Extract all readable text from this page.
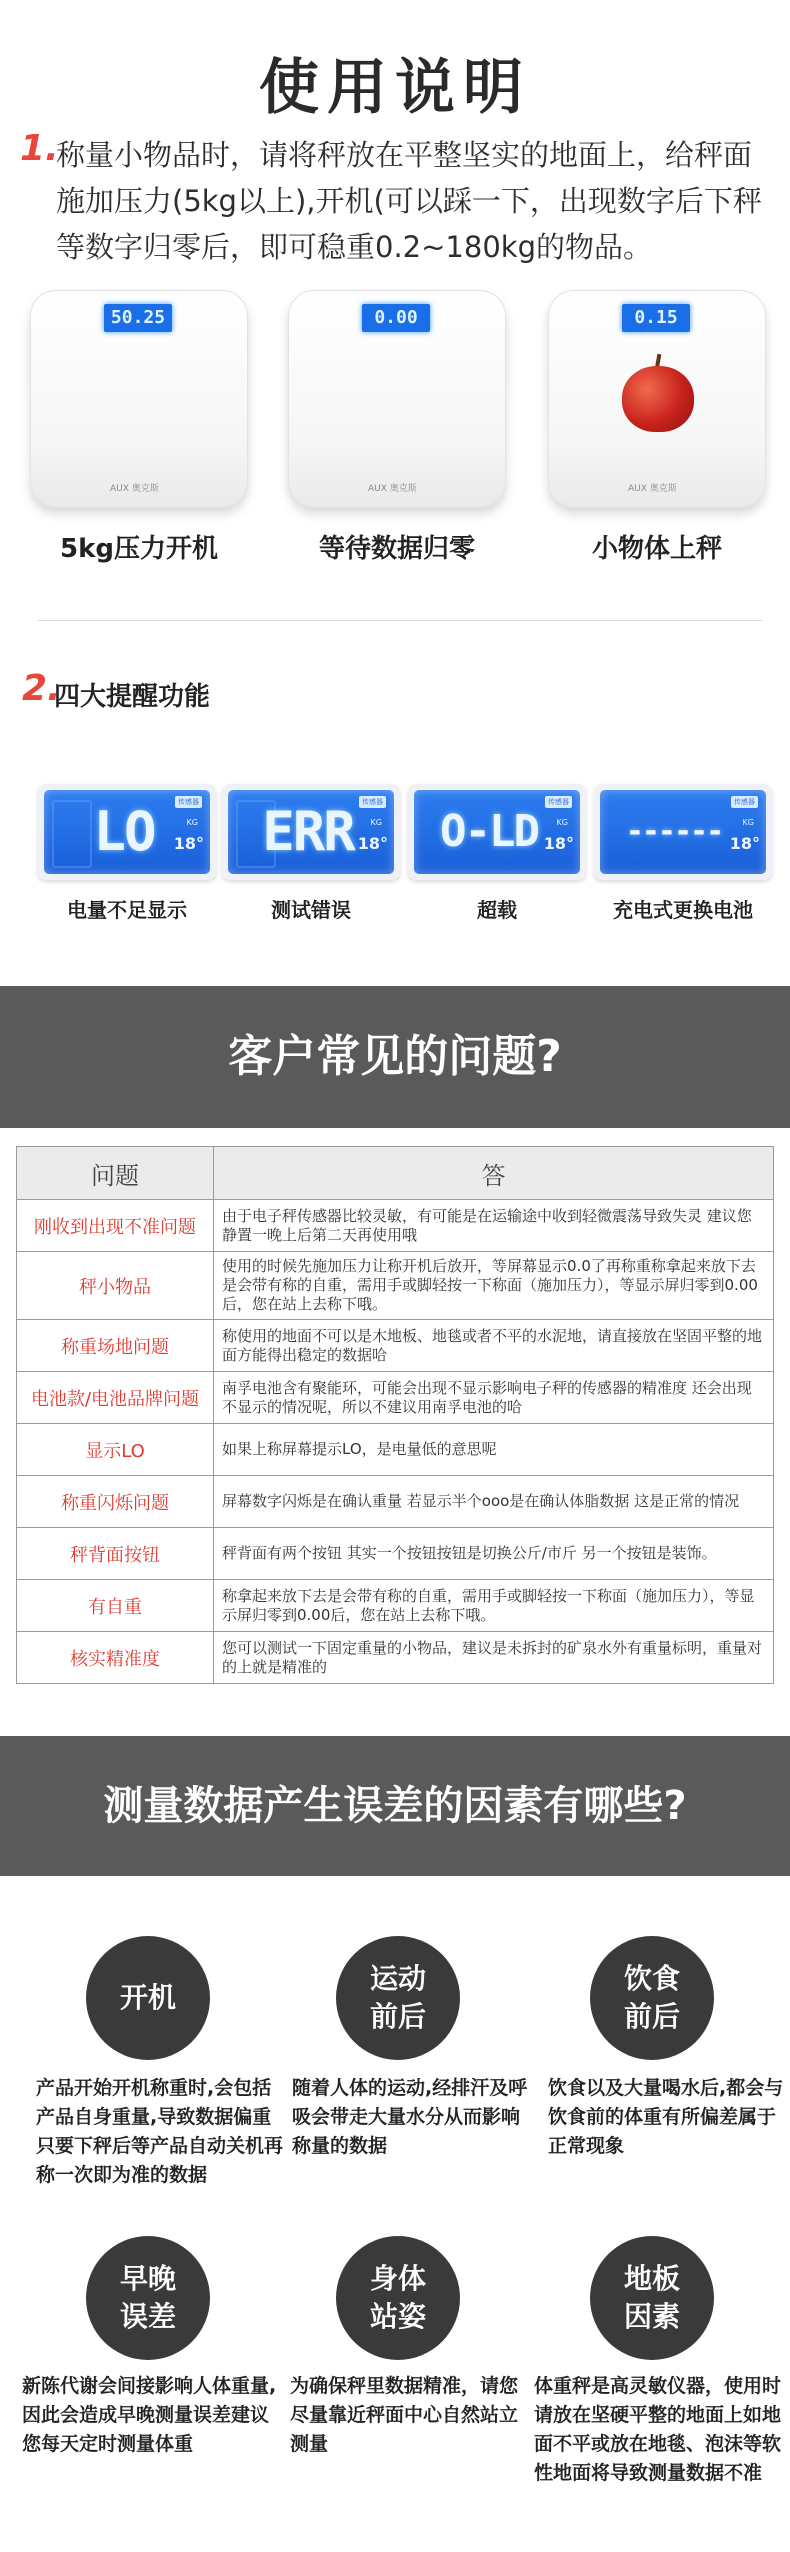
使用说明
1.

称量小物品时，请将秤放在平整坚实的地面上，给秤面

施加压力(5kg以上),开机(可以踩一下，出现数字后下秤

等数字归零后，即可稳重0.2~180kg的物品。

50.25
AUX 奥克斯
0.00
AUX 奥克斯
0.15
AUX 奥克斯
5kg压力开机	等待数据归零	小物体上秤
2.
四大提醒功能
LO	传感器
KG
18° ERR	传感器
KG
18°	O-LD
传感器
KG
18°	------
传感器
KG
18°
电量不足显示	测试错误	超载	充电式更换电池
客户常见的问题?
问题	答
刚收到出现不准问题	由于电子秤传感器比较灵敏，有可能是在运输途中收到轻微震荡导致失灵 建议您静置一晚上后第二天再使用哦
秤小物品	使用的时候先施加压力让称开机后放开，等屏幕显示0.0了再称重称拿起来放下去是会带有称的自重，需用手或脚轻按一下称面（施加压力），等显示屏归零到0.00后，您在站上去称下哦。
称重场地问题	称使用的地面不可以是木地板、地毯或者不平的水泥地，请直接放在坚固平整的地面方能得出稳定的数据哈
电池款/电池品牌问题	南孚电池含有聚能环，可能会出现不显示影响电子秤的传感器的精准度 还会出现不显示的情况呢，所以不建议用南孚电池的哈
显示LO	如果上称屏幕提示LO，是电量低的意思呢
称重闪烁问题	屏幕数字闪烁是在确认重量 若显示半个ooo是在确认体脂数据 这是正常的情况
秤背面按钮	秤背面有两个按钮 其实一个按钮按钮是切换公斤/市斤 另一个按钮是装饰。
有自重	称拿起来放下去是会带有称的自重，需用手或脚轻按一下称面（施加压力），等显示屏归零到0.00后，您在站上去称下哦。
核实精准度	您可以测试一下固定重量的小物品，建议是未拆封的矿泉水外有重量标明，重量对的上就是精准的
测量数据产生误差的因素有哪些?
开机
运动
前后
饮食
前后
产品开始开机称重时,会包括产品自身重量,导致数据偏重只要下秤后等产品自动关机再称一次即为准的数据
随着人体的运动,经排汗及呼吸会带走大量水分从而影响称量的数据
饮食以及大量喝水后,都会与饮食前的体重有所偏差属于正常现象
早晚
误差
身体
站姿
地板
因素
新陈代谢会间接影响人体重量,因此会造成早晚测量误差建议您每天定时测量体重
为确保秤里数据精准，请您尽量靠近秤面中心自然站立测量
体重秤是高灵敏仪器，使用时请放在坚硬平整的地面上如地面不平或放在地毯、泡沫等软性地面将导致测量数据不准
